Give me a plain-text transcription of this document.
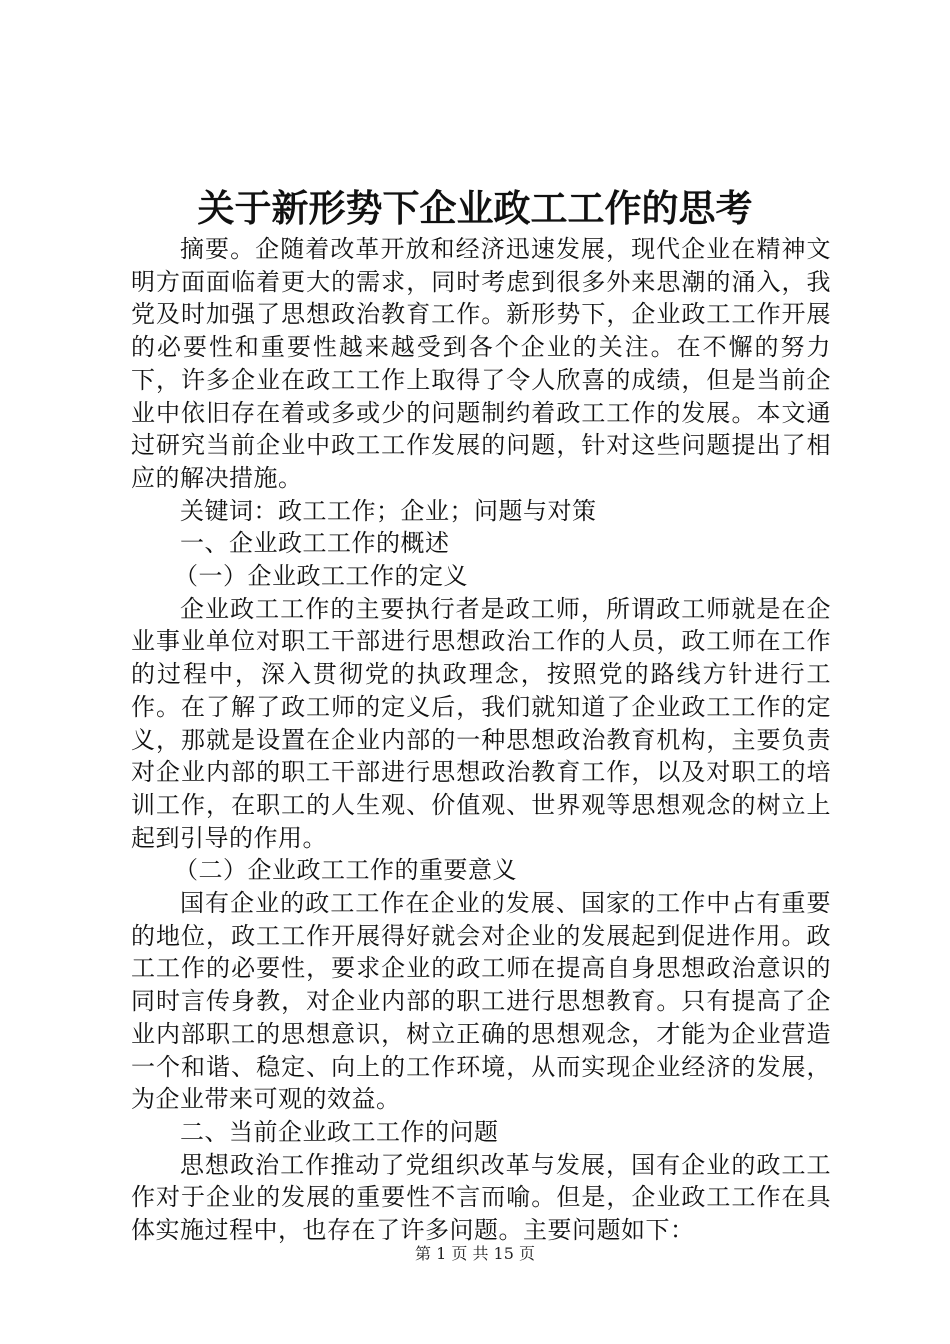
关于新形势下企业政工工作的思考

摘要。企随着改革开放和经济迅速发展，现代企业在精神文明方面面临着更大的需求，同时考虑到很多外来思潮的涌入，我党及时加强了思想政治教育工作。新形势下，企业政工工作开展的必要性和重要性越来越受到各个企业的关注。在不懈的努力下，许多企业在政工工作上取得了令人欣喜的成绩，但是当前企业中依旧存在着或多或少的问题制约着政工工作的发展。本文通过研究当前企业中政工工作发展的问题，针对这些问题提出了相应的解决措施。

关键词：政工工作；企业；问题与对策

一、企业政工工作的概述

（一）企业政工工作的定义

企业政工工作的主要执行者是政工师，所谓政工师就是在企业事业单位对职工干部进行思想政治工作的人员，政工师在工作的过程中，深入贯彻党的执政理念，按照党的路线方针进行工作。在了解了政工师的定义后，我们就知道了企业政工工作的定义，那就是设置在企业内部的一种思想政治教育机构，主要负责对企业内部的职工干部进行思想政治教育工作，以及对职工的培训工作，在职工的人生观、价值观、世界观等思想观念的树立上起到引导的作用。

（二）企业政工工作的重要意义

国有企业的政工工作在企业的发展、国家的工作中占有重要的地位，政工工作开展得好就会对企业的发展起到促进作用。政工工作的必要性，要求企业的政工师在提高自身思想政治意识的同时言传身教，对企业内部的职工进行思想教育。只有提高了企业内部职工的思想意识，树立正确的思想观念，才能为企业营造一个和谐、稳定、向上的工作环境，从而实现企业经济的发展，为企业带来可观的效益。

二、当前企业政工工作的问题

思想政治工作推动了党组织改革与发展，国有企业的政工工作对于企业的发展的重要性不言而喻。但是，企业政工工作在具体实施过程中，也存在了许多问题。主要问题如下：

第 1 页 共 15 页
